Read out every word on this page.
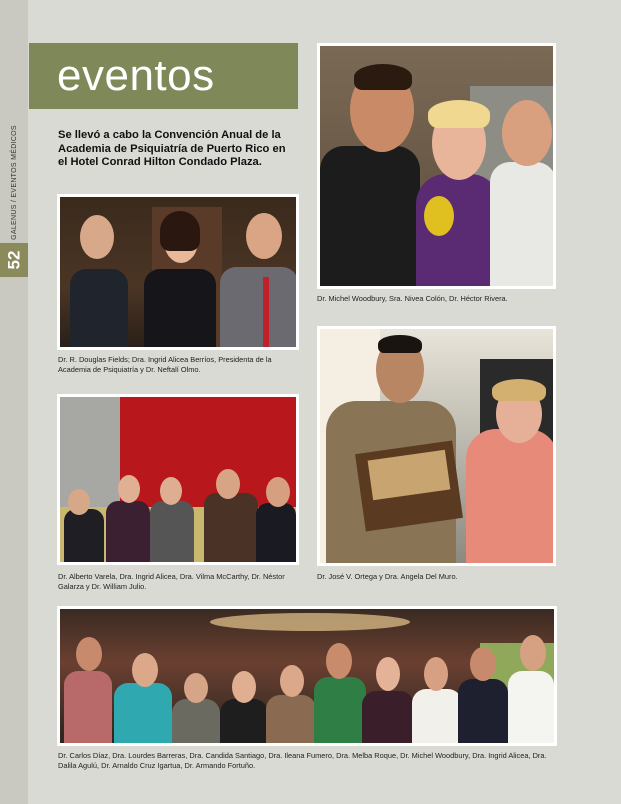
GALENUS / EVENTOS MÉDICOS
52
eventos
Se llevó a cabo la Convención Anual de la Academia de Psiquiatría de Puerto Rico en el Hotel Conrad Hilton Condado Plaza.
Dr. R. Douglas Fields; Dra. Ingrid Alicea Berríos, Presidenta de la Academia de Psiquiatría y Dr. Neftalí Olmo.
Dr. Michel Woodbury, Sra. Nivea Colón, Dr. Héctor Rivera.
Dr. Alberto Varela, Dra. Ingrid Alicea, Dra. Vilma McCarthy, Dr. Néstor Galarza y Dr. William Julio.
Dr. José V. Ortega y Dra. Angela Del Muro.
Dr. Carlos Díaz, Dra. Lourdes Barreras, Dra. Candida Santiago, Dra. Ileana Fumero, Dra. Melba Roque, Dr. Michel Woodbury, Dra. Ingrid Alicea, Dra. Dalila Agulú, Dr. Arnaldo Cruz Igartua, Dr. Armando Fortuño.
